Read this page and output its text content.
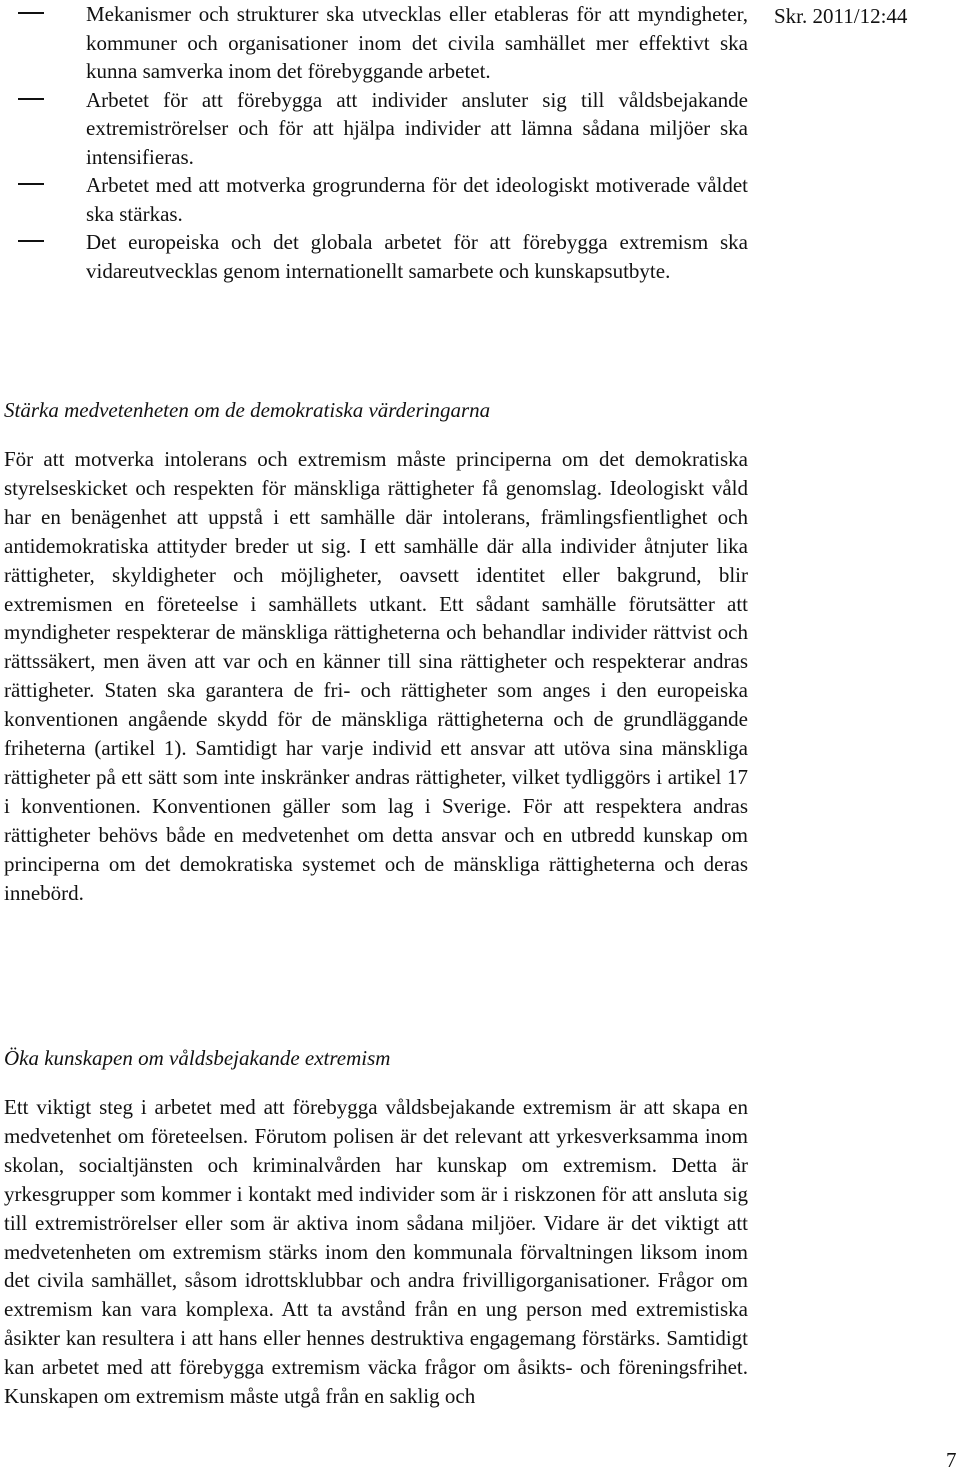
Mekanismer och strukturer ska utvecklas eller etableras för att myndigheter, kommuner och organisationer inom det civila samhället mer effektivt ska kunna samverka inom det förebyggande arbetet.
Arbetet för att förebygga att individer ansluter sig till våldsbejakande extremiströrelser och för att hjälpa individer att lämna sådana miljöer ska intensifieras.
Arbetet med att motverka grogrunderna för det ideologiskt motiverade våldet ska stärkas.
Det europeiska och det globala arbetet för att förebygga extremism ska vidareutvecklas genom internationellt samarbete och kunskapsutbyte.
Skr. 2011/12:44
Stärka medvetenheten om de demokratiska värderingarna

För att motverka intolerans och extremism måste principerna om det demokratiska styrelseskicket och respekten för mänskliga rättigheter få genomslag. Ideologiskt våld har en benägenhet att uppstå i ett samhälle där intolerans, främlingsfientlighet och antidemokratiska attityder breder ut sig. I ett samhälle där alla individer åtnjuter lika rättigheter, skyldigheter och möjligheter, oavsett identitet eller bakgrund, blir extremismen en företeelse i samhällets utkant. Ett sådant samhälle förutsätter att myndigheter respekterar de mänskliga rättigheterna och behandlar individer rättvist och rättssäkert, men även att var och en känner till sina rättigheter och respekterar andras rättigheter. Staten ska garantera de fri- och rättigheter som anges i den europeiska konventionen angående skydd för de mänskliga rättigheterna och de grundläggande friheterna (artikel 1). Samtidigt har varje individ ett ansvar att utöva sina mänskliga rättigheter på ett sätt som inte inskränker andras rättigheter, vilket tydliggörs i artikel 17 i konventionen. Konventionen gäller som lag i Sverige. För att respektera andras rättigheter behövs både en medvetenhet om detta ansvar och en utbredd kunskap om principerna om det demokratiska systemet och de mänskliga rättigheterna och deras innebörd.

Öka kunskapen om våldsbejakande extremism

Ett viktigt steg i arbetet med att förebygga våldsbejakande extremism är att skapa en medvetenhet om företeelsen. Förutom polisen är det relevant att yrkesverksamma inom skolan, socialtjänsten och kriminalvården har kunskap om extremism. Detta är yrkesgrupper som kommer i kontakt med individer som är i riskzonen för att ansluta sig till extremiströrelser eller som är aktiva inom sådana miljöer. Vidare är det viktigt att medvetenheten om extremism stärks inom den kommunala förvaltningen liksom inom det civila samhället, såsom idrottsklubbar och andra frivilligorganisationer. Frågor om extremism kan vara komplexa. Att ta avstånd från en ung person med extremistiska åsikter kan resultera i att hans eller hennes destruktiva engagemang förstärks. Samtidigt kan arbetet med att förebygga extremism väcka frågor om åsikts- och föreningsfrihet. Kunskapen om extremism måste utgå från en saklig och

7
